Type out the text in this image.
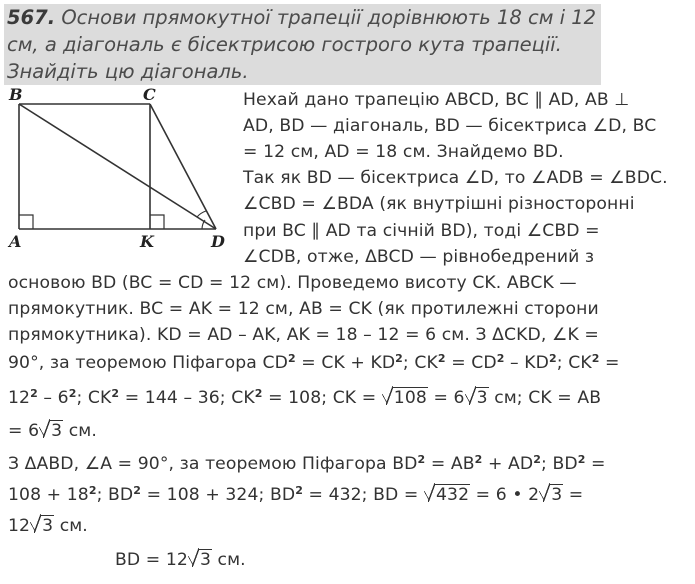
567. Основи прямокутної трапеції дорівнюють 18 см і 12 см, а діагональ є бісектрисою гострого кута трапеції. Знайдіть цю діагональ.
B	C
A	K	D
Нехай дано трапецію ABCD, BC ∥ AD, AB ⊥
AD, BD — діагональ, BD — бісектриса ∠D, BC
= 12 см, AD = 18 см. Знайдемо BD.
Так як BD — бісектриса ∠D, то ∠ADB = ∠BDC.
∠CBD = ∠BDA (як внутрішні різносторонні
при BC ∥ AD та січній BD), тоді ∠CBD =
∠CDB, отже, ΔBCD — рівнобедрений з
основою BD (BC = CD = 12 см). Проведемо висоту CK. ABCK —
прямокутник. BC = AK = 12 см, AB = CK (як протилежні сторони
прямокутника). KD = AD – AK, AK = 18 – 12 = 6 см. З ΔCKD, ∠K =
90°, за теоремою Піфагора $CD^2$ = CK + $KD^2$; $CK^2 = CD^2 - KD^2$; $CK^2$ =
$12^2 - 6^2$; $CK^2 = 144 - 36$; $CK^2 = 108$; CK = 108 = 6 3 см; CK = AB
= 6 3 см.
З ΔABD, ∠A = 90°, за теоремою Піфагора $BD^2 = AB^2 + AD^2$; $BD^2$ =
$108 + 18^2$; $BD^2 = 108 + 324$; $BD^2 = 432$; BD = 432 = 6 • 2 3 =
12 3 см.
BD = 12 3 см.
